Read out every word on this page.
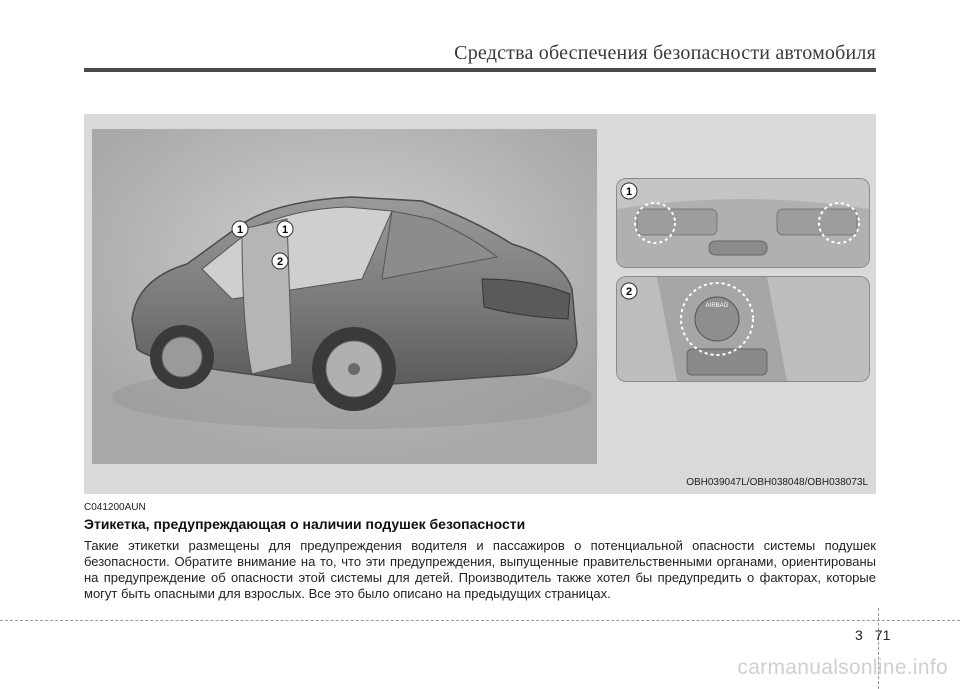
Средства обеспечения безопасности автомобиля
1	1
2
1
AIRBAG
2
OBH039047L/OBH038048/OBH038073L
C041200AUN
Этикетка, предупреждающая о наличии подушек безопасности
Такие этикетки размещены для предупреждения водителя и пассажиров о потенциальной опасности системы подушек безопасности. Обратите внимание на то, что эти предупреждения, выпущенные правительственными органами, ориентированы на предупреждение об опасности этой системы для детей. Производитель также хотел бы предупредить о факторах, которые могут быть опасными для взрослых. Все это было описано на предыдущих страницах.
3 71
carmanualsonline.info
